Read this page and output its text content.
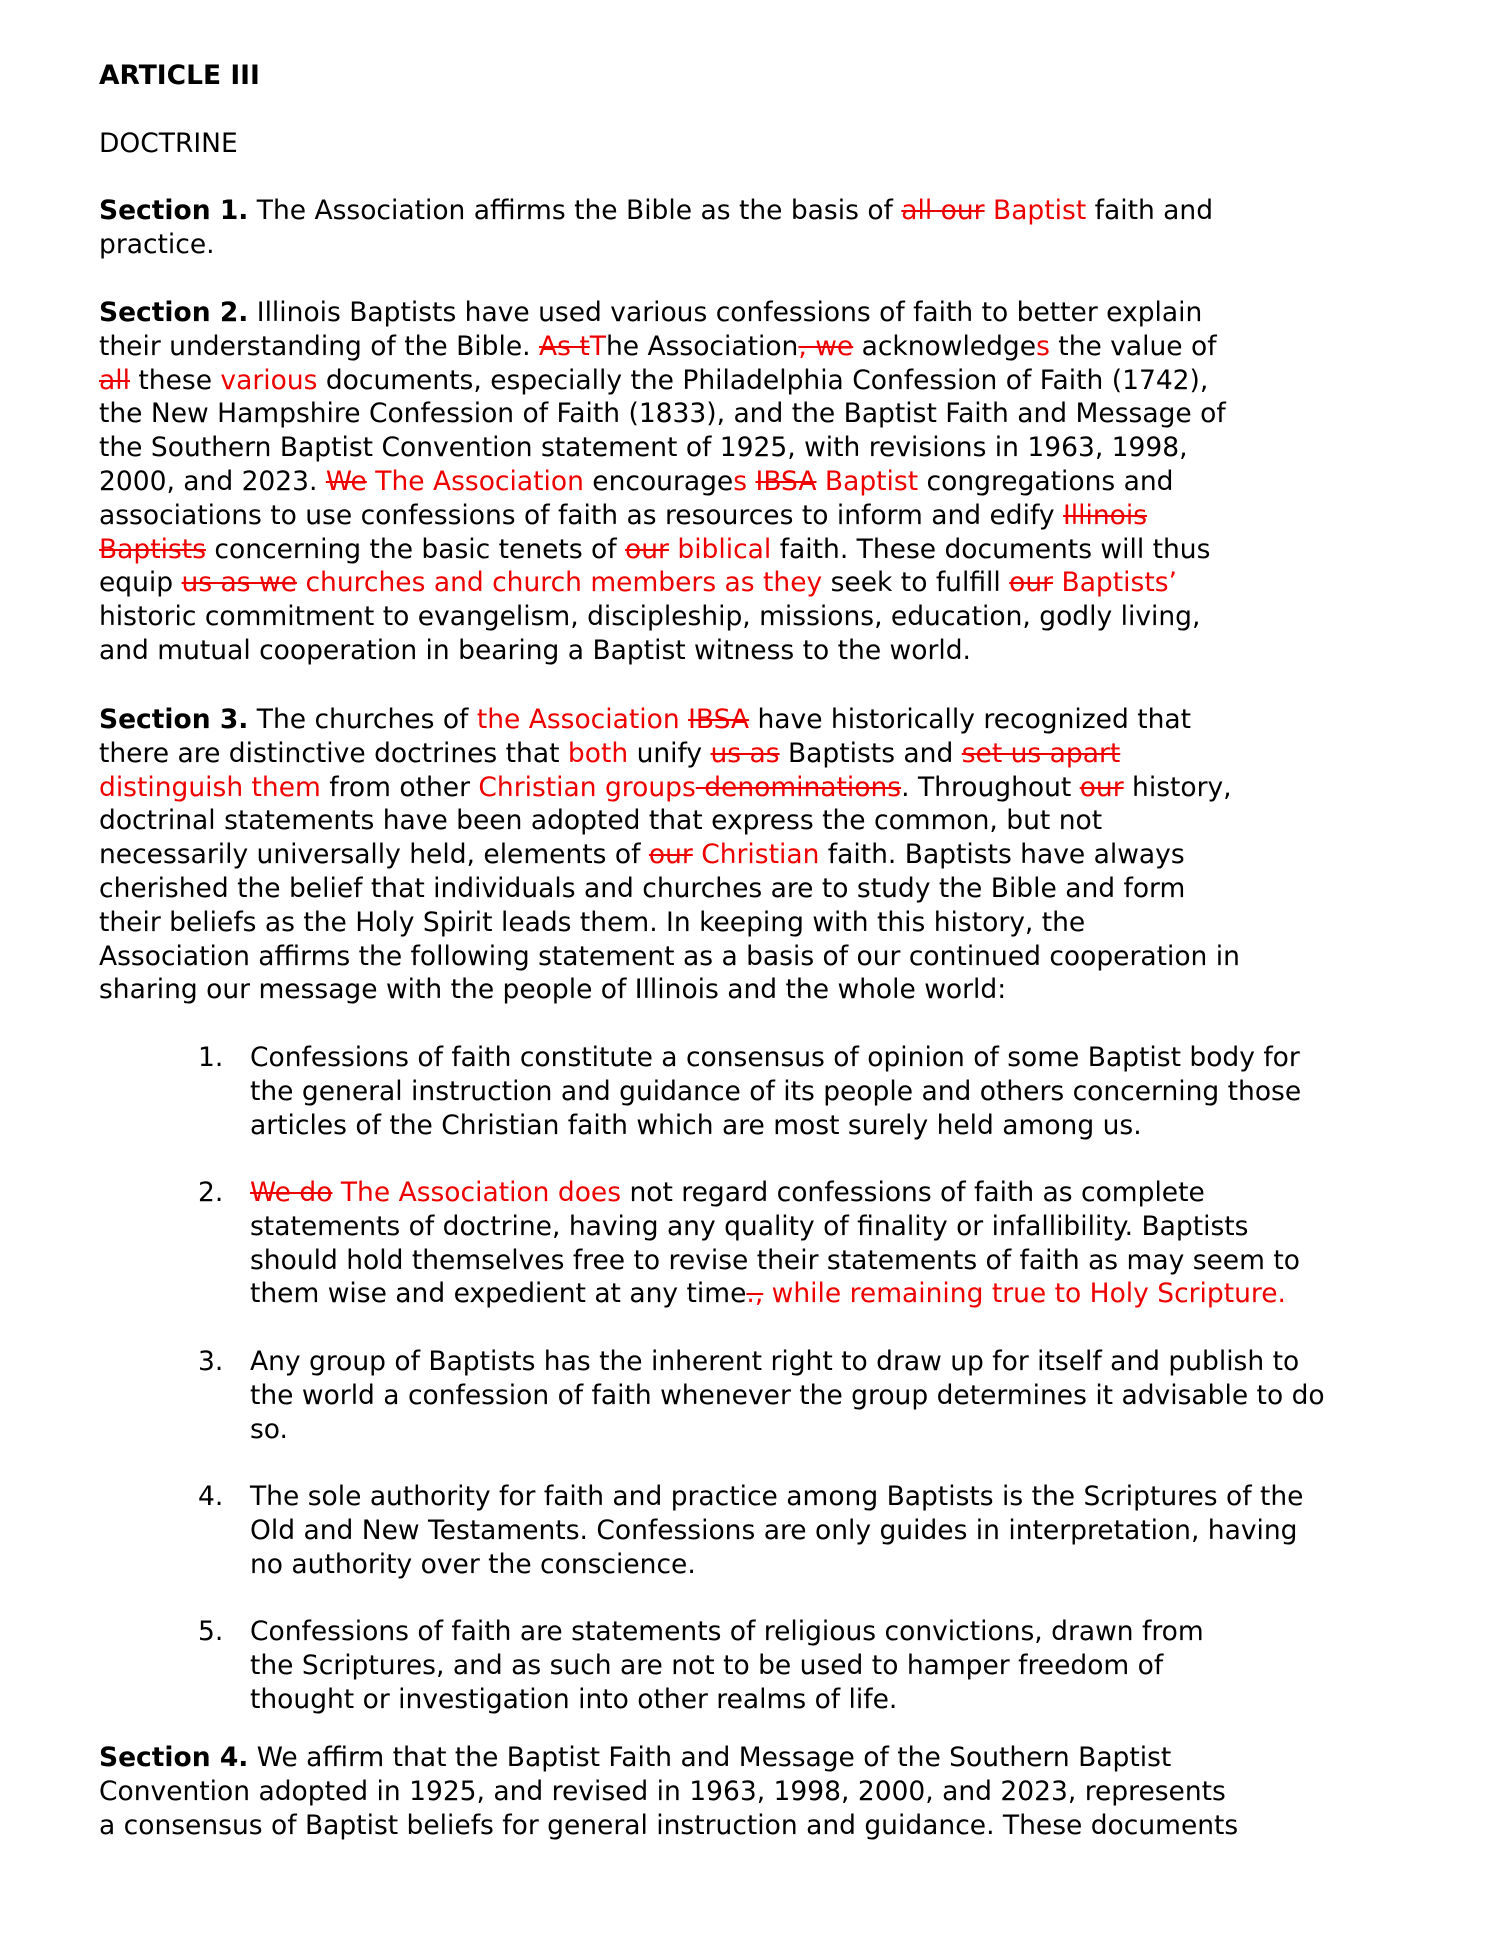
ARTICLE III
DOCTRINE
Section 1. The Association affirms the Bible as the basis of all our Baptist faith and
practice.
Section 2. Illinois Baptists have used various confessions of faith to better explain
their understanding of the Bible. As tThe Association, we acknowledges the value of
all these various documents, especially the Philadelphia Confession of Faith (1742),
the New Hampshire Confession of Faith (1833), and the Baptist Faith and Message of
the Southern Baptist Convention statement of 1925, with revisions in 1963, 1998,
2000, and 2023. We The Association encourages IBSA Baptist congregations and
associations to use confessions of faith as resources to inform and edify Illinois
Baptists concerning the basic tenets of our biblical faith. These documents will thus
equip us as we churches and church members as they seek to fulfill our Baptists’
historic commitment to evangelism, discipleship, missions, education, godly living,
and mutual cooperation in bearing a Baptist witness to the world.
Section 3. The churches of the Association IBSA have historically recognized that
there are distinctive doctrines that both unify us as Baptists and set us apart
distinguish them from other Christian groups denominations. Throughout our history,
doctrinal statements have been adopted that express the common, but not
necessarily universally held, elements of our Christian faith. Baptists have always
cherished the belief that individuals and churches are to study the Bible and form
their beliefs as the Holy Spirit leads them. In keeping with this history, the
Association affirms the following statement as a basis of our continued cooperation in
sharing our message with the people of Illinois and the whole world:
1. Confessions of faith constitute a consensus of opinion of some Baptist body for
the general instruction and guidance of its people and others concerning those
articles of the Christian faith which are most surely held among us.
2. We do The Association does not regard confessions of faith as complete
statements of doctrine, having any quality of finality or infallibility. Baptists
should hold themselves free to revise their statements of faith as may seem to
them wise and expedient at any time., while remaining true to Holy Scripture.
3. Any group of Baptists has the inherent right to draw up for itself and publish to
the world a confession of faith whenever the group determines it advisable to do
so.
4. The sole authority for faith and practice among Baptists is the Scriptures of the
Old and New Testaments. Confessions are only guides in interpretation, having
no authority over the conscience.
5. Confessions of faith are statements of religious convictions, drawn from
the Scriptures, and as such are not to be used to hamper freedom of
thought or investigation into other realms of life.
Section 4. We affirm that the Baptist Faith and Message of the Southern Baptist
Convention adopted in 1925, and revised in 1963, 1998, 2000, and 2023, represents
a consensus of Baptist beliefs for general instruction and guidance. These documents
